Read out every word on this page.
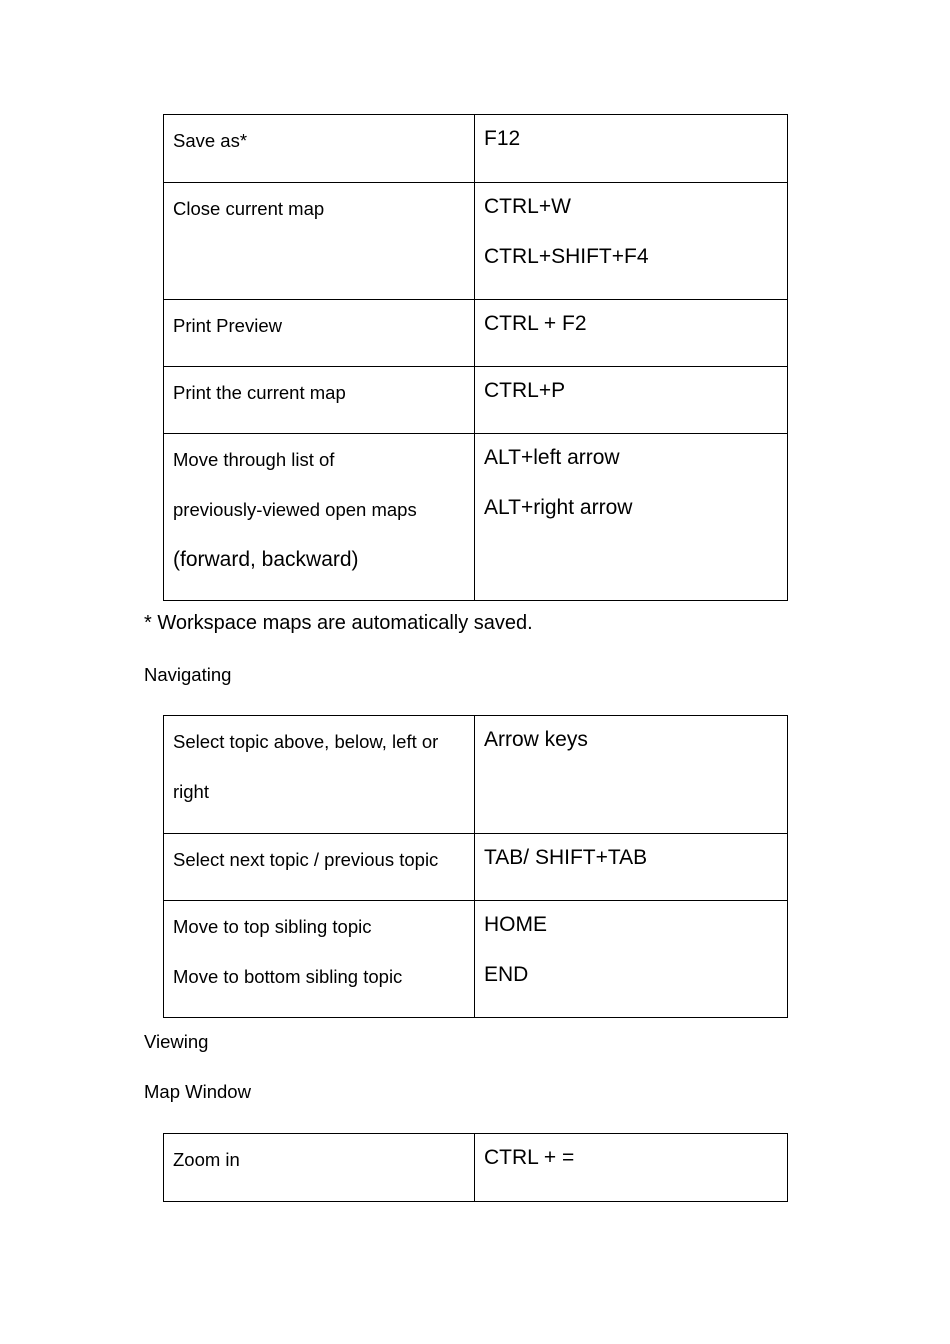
Save as*	F12

Close current map	CTRL+W
CTRL+SHIFT+F4

Print Preview	CTRL + F2

Print the current map	CTRL+P

Move through list of
previously-viewed open maps
(forward, backward)	ALT+left arrow
ALT+right arrow

* Workspace maps are automatically saved.

Navigating

Select topic above, below, left or
right	Arrow keys

Select next topic / previous topic	TAB/ SHIFT+TAB

Move to top sibling topic
Move to bottom sibling topic	HOME
END

Viewing

Map Window

Zoom in	CTRL + =
